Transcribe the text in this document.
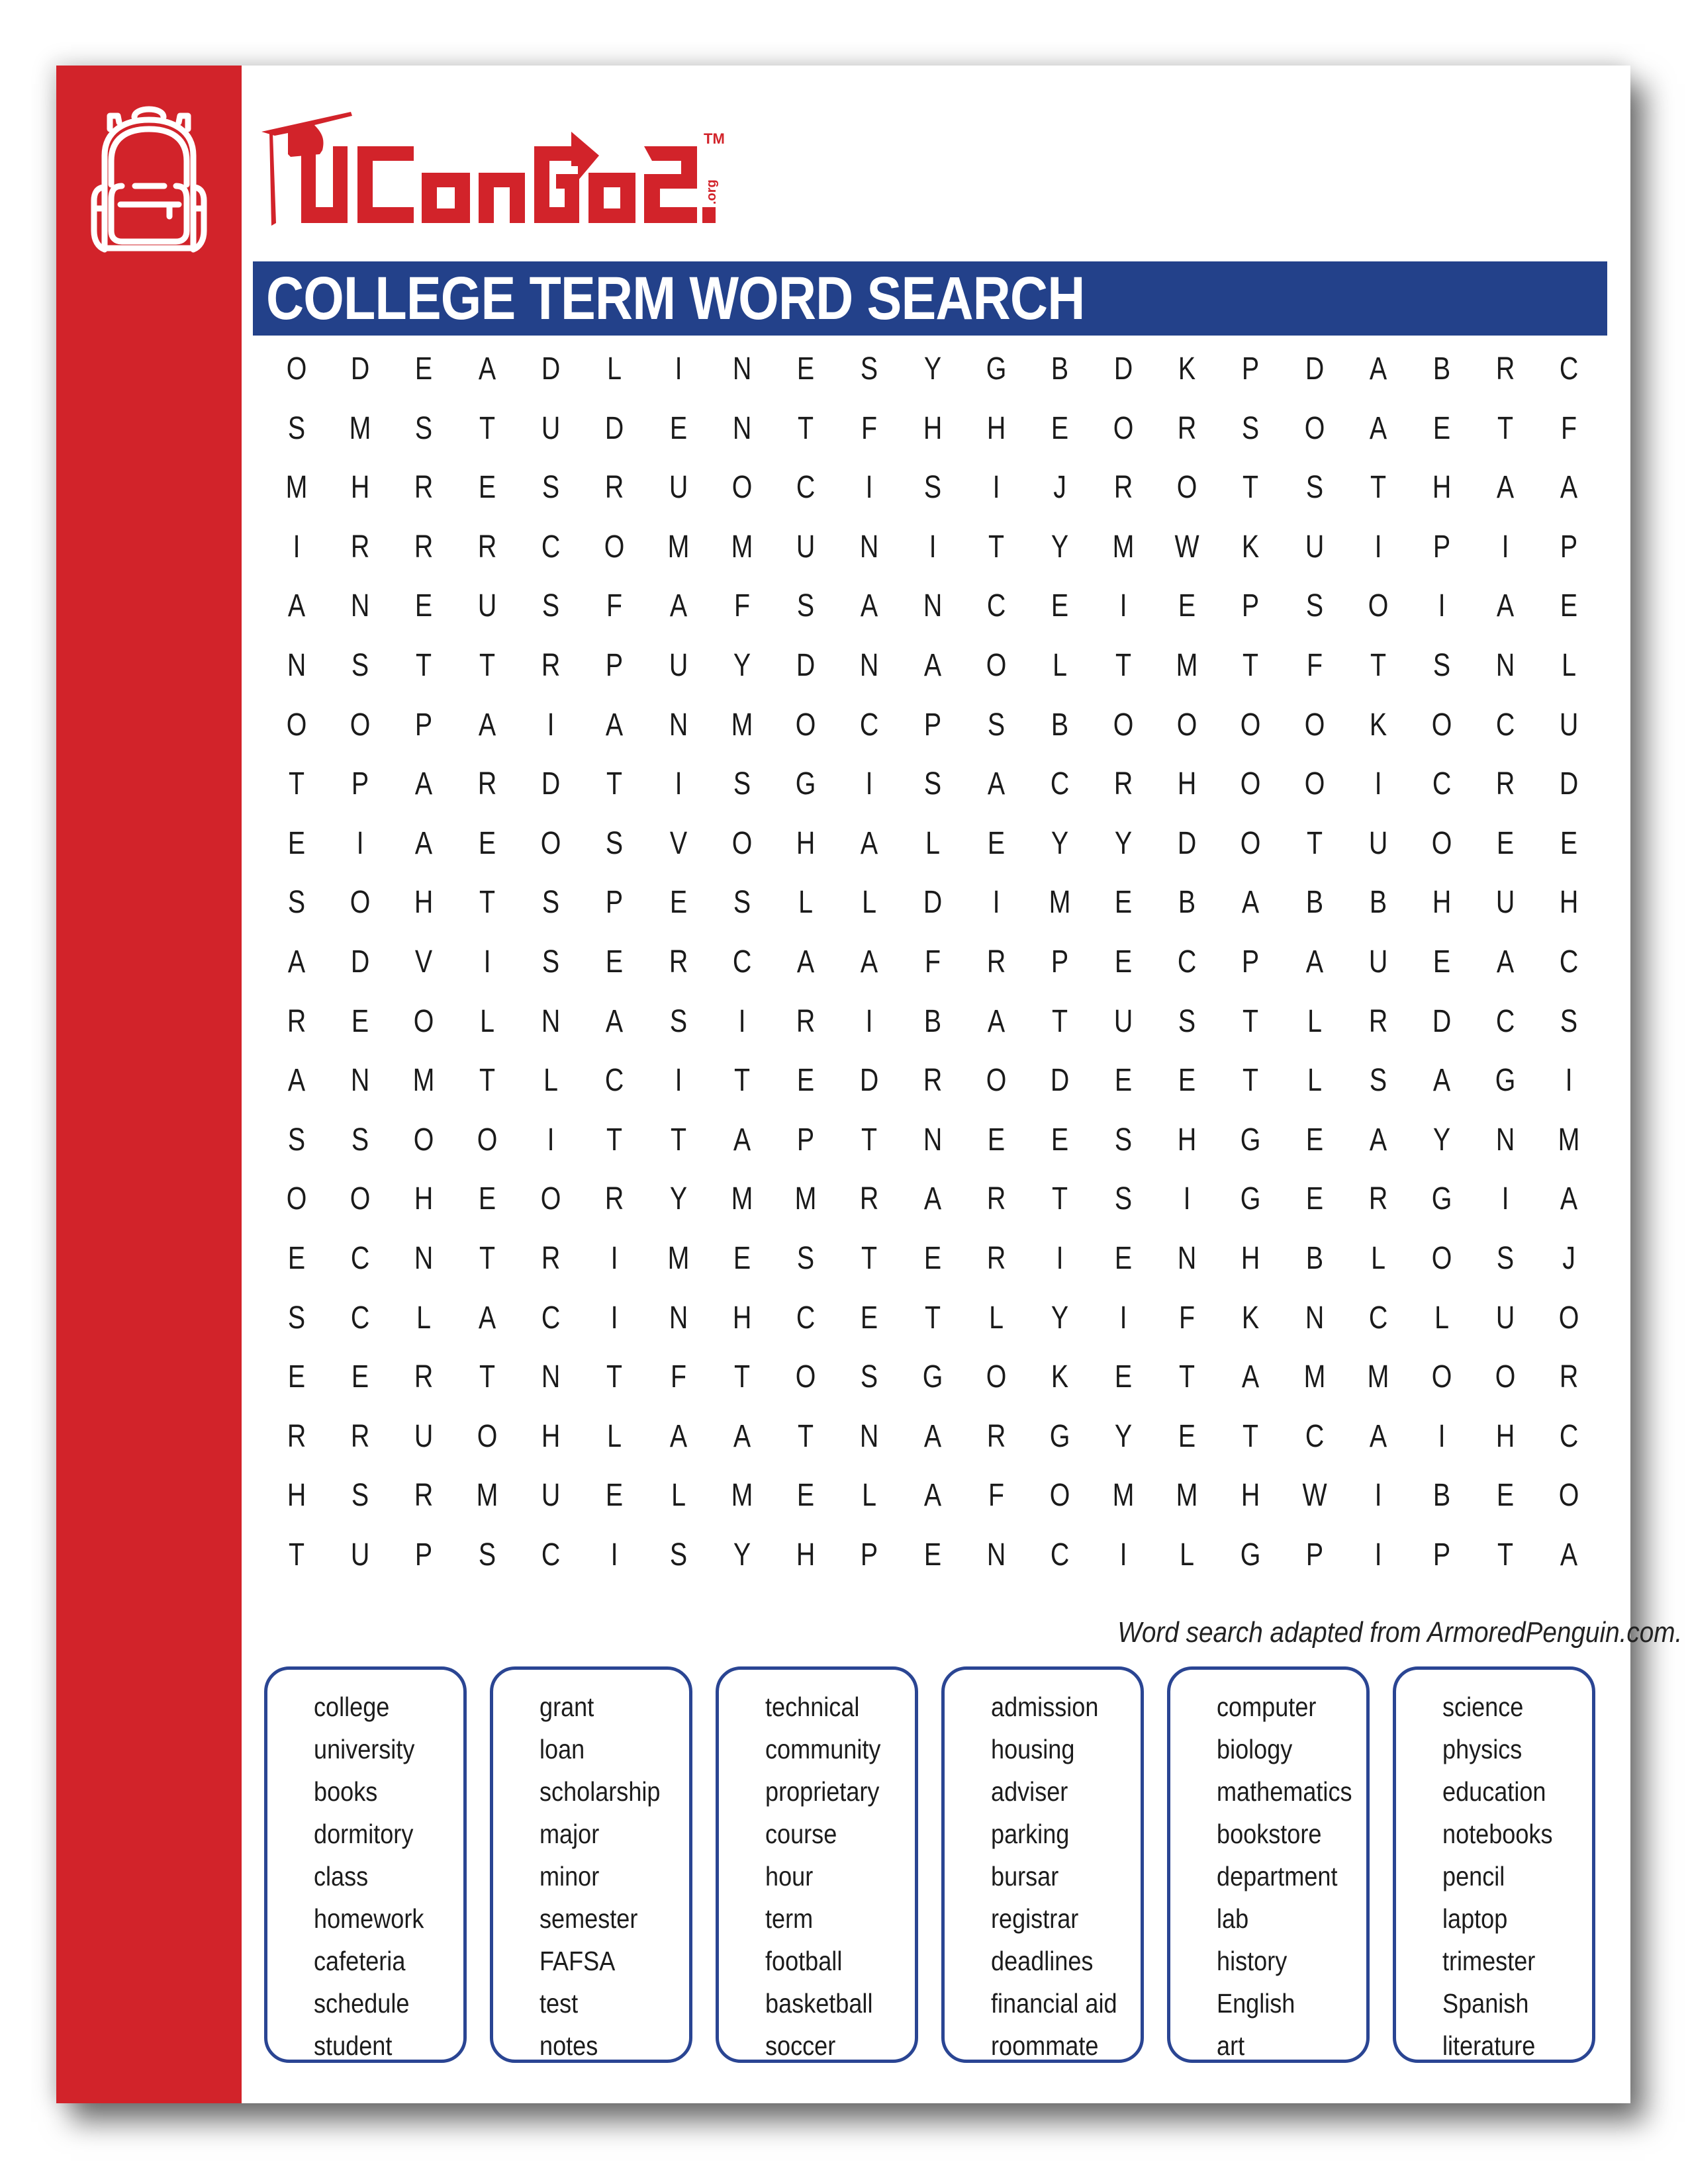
TM
.org
COLLEGE TERM WORD SEARCH
O D E A D L I N E S Y G B D K P D A B R C
S M S T U D E N T F H H E O R S O A E T F
M H R E S R U O C I S I J R O T S T H A A
I R R R C O M M U N I T Y M W K U I P I P
A N E U S F A F S A N C E I E P S O I A E
N S T T R P U Y D N A O L T M T F T S N L
O O P A I A N M O C P S B O O O O K O C U
T P A R D T I S G I S A C R H O O I C R D
E I A E O S V O H A L E Y Y D O T U O E E
S O H T S P E S L L D I M E B A B B H U H
A D V I S E R C A A F R P E C P A U E A C
R E O L N A S I R I B A T U S T L R D C S
A N M T L C I T E D R O D E E T L S A G I
S S O O I T T A P T N E E S H G E A Y N M
O O H E O R Y M M R A R T S I G E R G I A
E C N T R I M E S T E R I E N H B L O S J
S C L A C I N H C E T L Y I F K N C L U O
E E R T N T F T O S G O K E T A M M O O R
R R U O H L A A T N A R G Y E T C A I H C
H S R M U E L M E L A F O M M H W I B E O
T U P S C I S Y H P E N C I L G P I P T A
Word search adapted from ArmoredPenguin.com.
college
university
books
dormitory
class
homework
cafeteria
schedule
student
grant
loan
scholarship
major
minor
semester
FAFSA
test
notes
technical
community
proprietary
course
hour
term
football
basketball
soccer
admission
housing
adviser
parking
bursar
registrar
deadlines
financial aid
roommate
computer
biology
mathematics
bookstore
department
lab
history
English
art
science
physics
education
notebooks
pencil
laptop
trimester
Spanish
literature
